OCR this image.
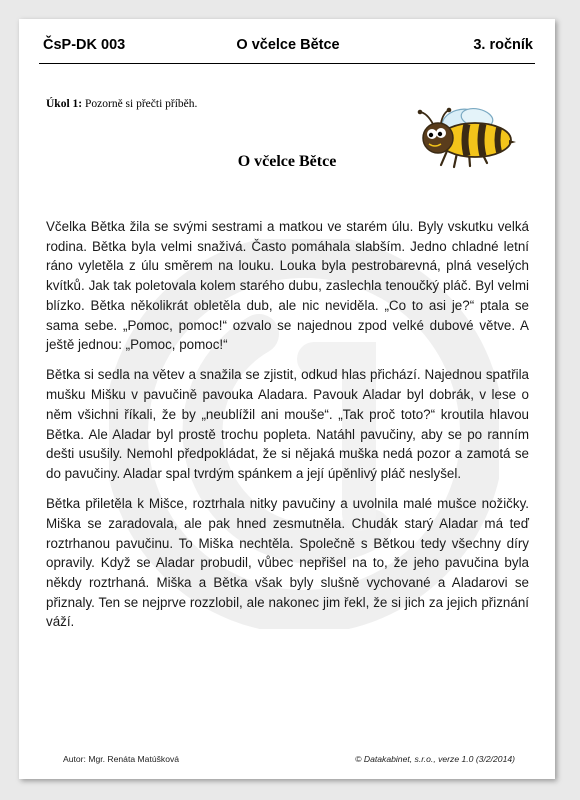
ČsP-DK 003	O včelce Bětce	3. ročník
Úkol 1: Pozorně si přečti příběh.
O včelce Bětce

Včelka Bětka žila se svými sestrami a matkou ve starém úlu. Byly vskutku velká rodina. Bětka byla velmi snaživá. Často pomáhala slabším. Jedno chladné letní ráno vyletěla z úlu směrem na louku. Louka byla pestrobarevná, plná veselých kvítků. Jak tak poletovala kolem starého dubu, zaslechla tenoučký pláč. Byl velmi blízko. Bětka několikrát obletěla dub, ale nic neviděla. „Co to asi je?“ ptala se sama sebe. „Pomoc, pomoc!“ ozvalo se najednou zpod velké dubové větve. A ještě jednou: „Pomoc, pomoc!“

Bětka si sedla na větev a snažila se zjistit, odkud hlas přichází. Najednou spatřila mušku Mišku v pavučině pavouka Aladara. Pavouk Aladar byl dobrák, v lese o něm všichni říkali, že by „neublížil ani mouše“. „Tak proč toto?“ kroutila hlavou Bětka. Ale Aladar byl prostě trochu popleta. Natáhl pavučiny, aby se po ranním dešti usušily. Nemohl předpokládat, že si nějaká muška nedá pozor a zamotá se do pavučiny. Aladar spal tvrdým spánkem a její úpěnlivý pláč neslyšel.

Bětka přiletěla k Mišce, roztrhala nitky pavučiny a uvolnila malé mušce nožičky. Miška se zaradovala, ale pak hned zesmutněla. Chudák starý Aladar má teď roztrhanou pavučinu. To Miška nechtěla. Společně s Bětkou tedy všechny díry opravily. Když se Aladar probudil, vůbec nepřišel na to, že jeho pavučina byla někdy roztrhaná. Miška a Bětka však byly slušně vychované a Aladarovi se přiznaly. Ten se nejprve rozzlobil, ale nakonec jim řekl, že si jich za jejich přiznání váží.

Autor: Mgr. Renáta Matúšková	© Datakabinet, s.r.o., verze 1.0 (3/2/2014)
